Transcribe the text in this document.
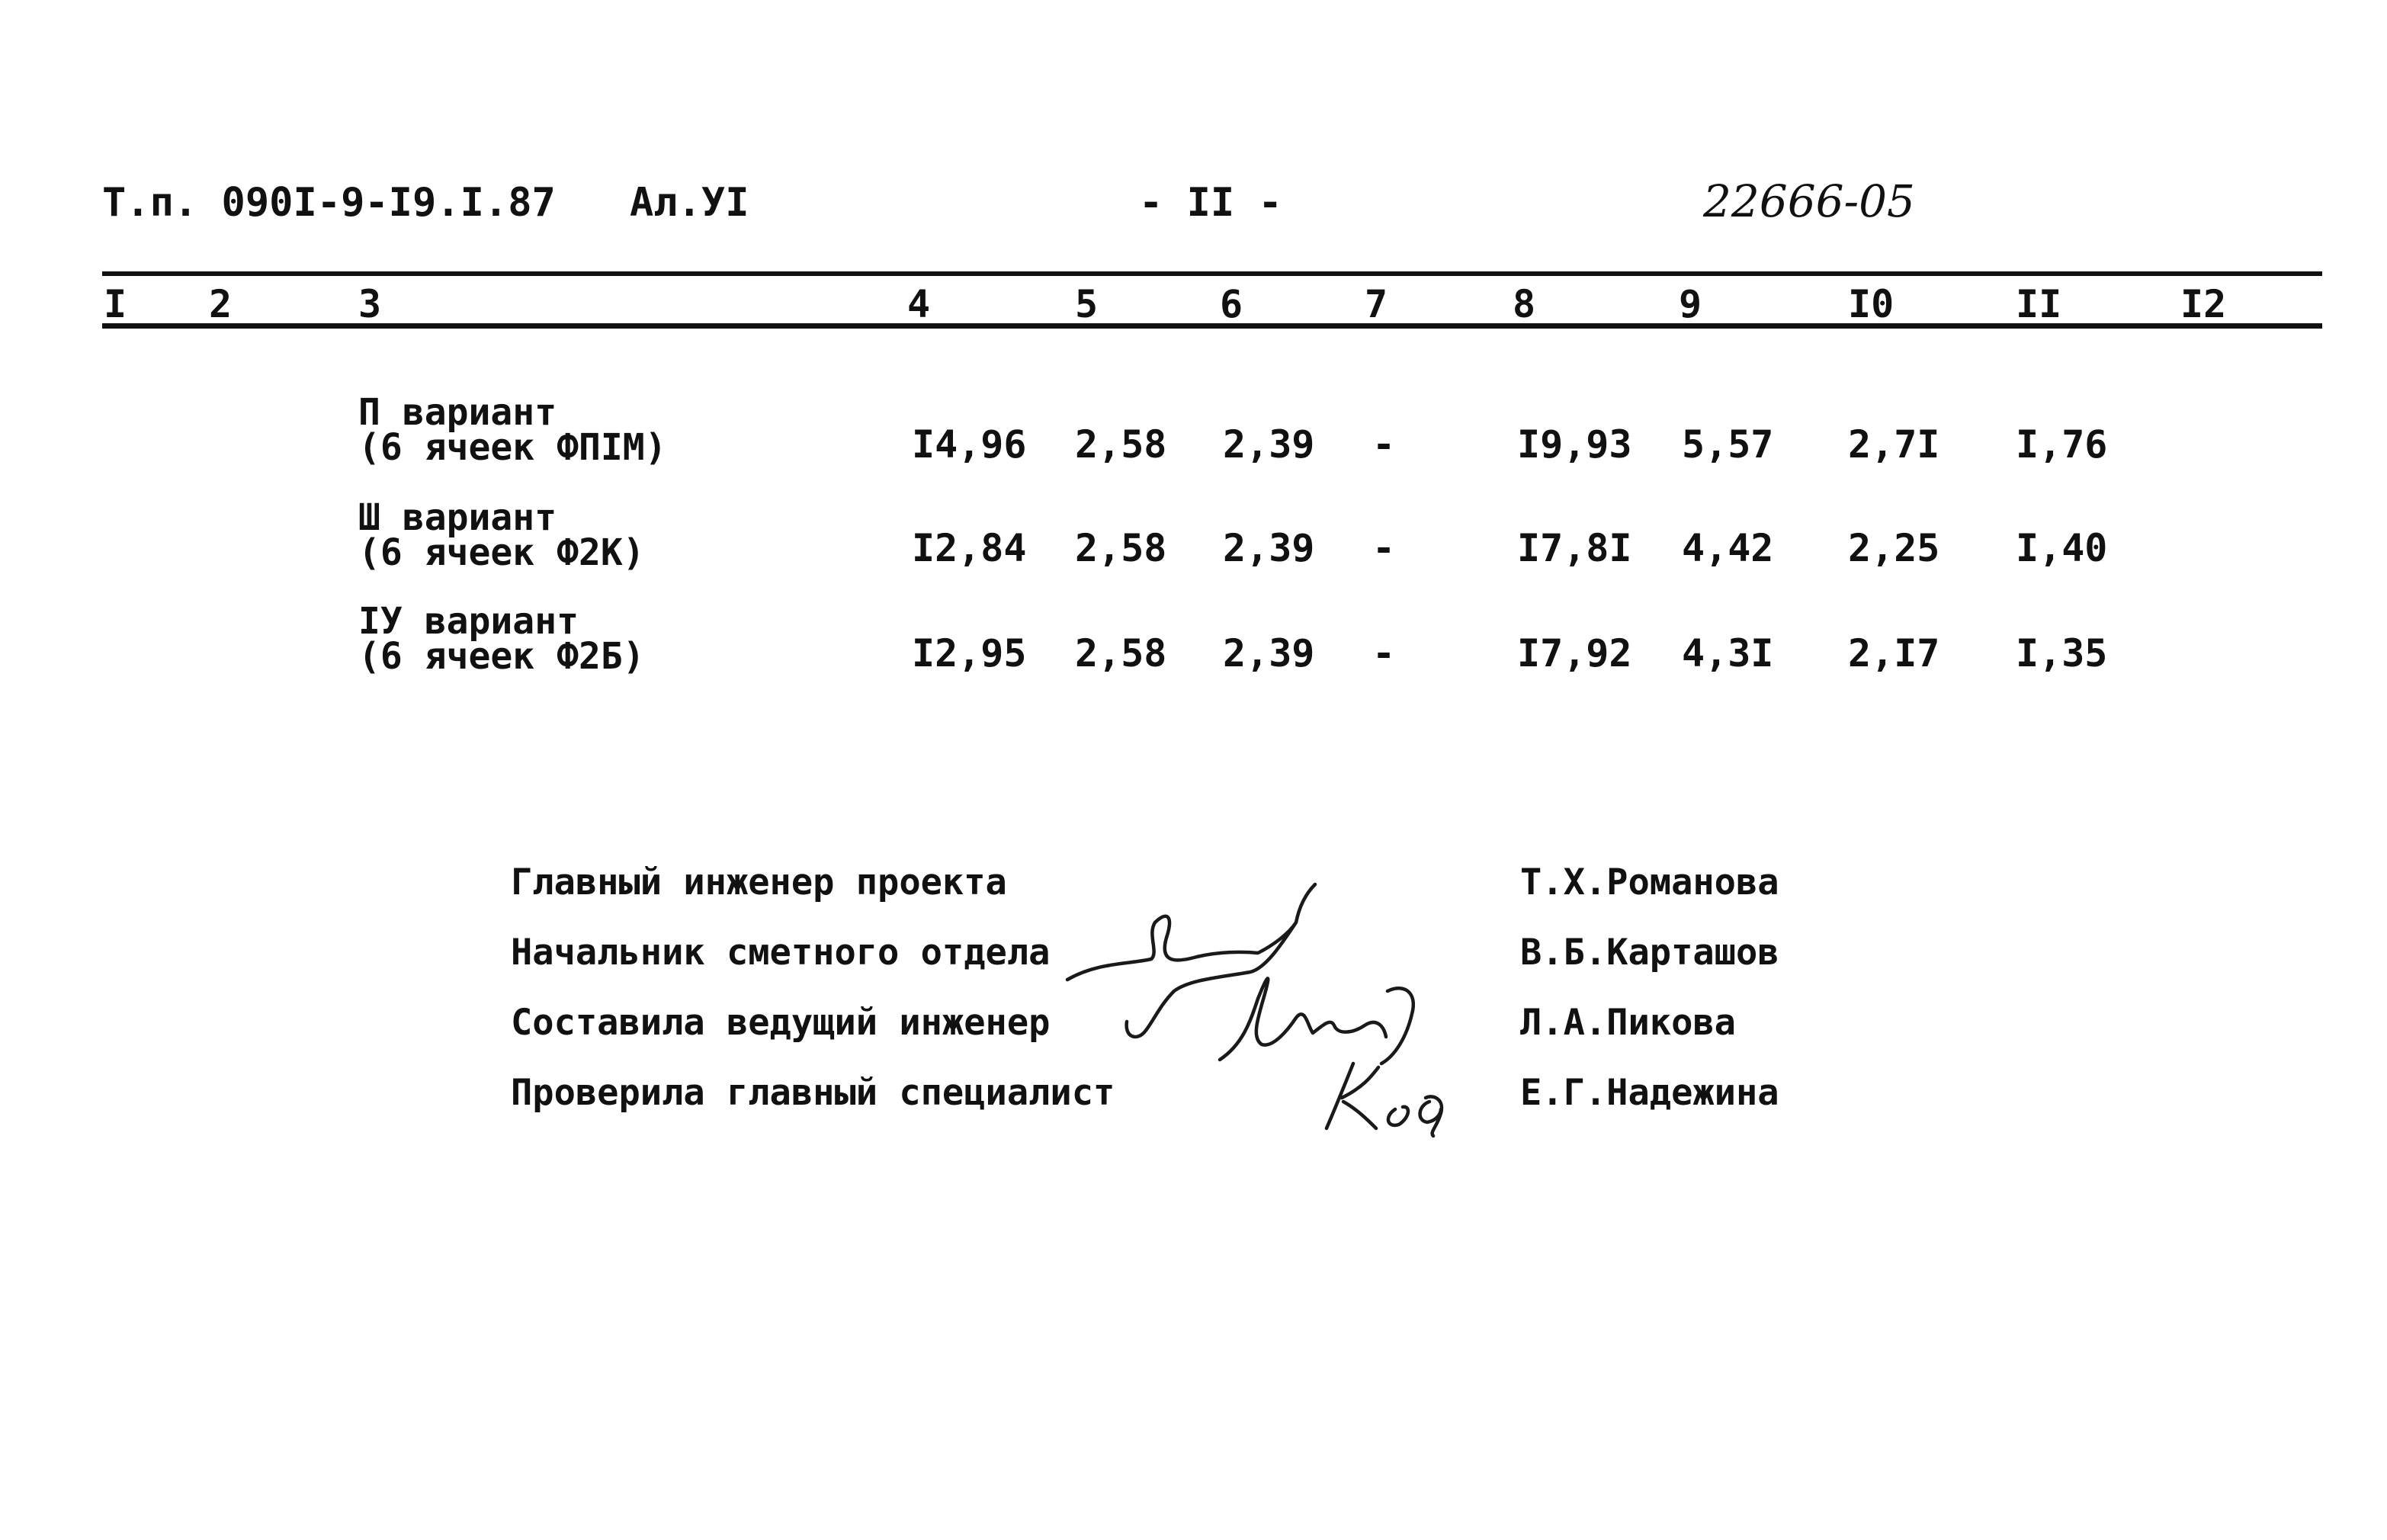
Т.п. 090I-9-I9.I.87 Ал.УI	- II -	22666-05
I 2	3	4	5	6	7	8	9	I0	II	I2
П вариант
(6 ячеек ФПIМ)	I4,96 2,58 2,39 -	I9,93 5,57 2,7I I,76
Ш вариант
(6 ячеек Ф2К)	I2,84 2,58 2,39 -	I7,8I 4,42 2,25 I,40
IУ вариант
(6 ячеек Ф2Б)	I2,95 2,58 2,39 -	I7,92 4,3I 2,I7 I,35
Главный инженер проекта	Т.Х.Романова
Начальник сметного отдела	В.Б.Карташов
Составила ведущий инженер	Л.А.Пикова
Проверила главный специалист	Е.Г.Надежина
